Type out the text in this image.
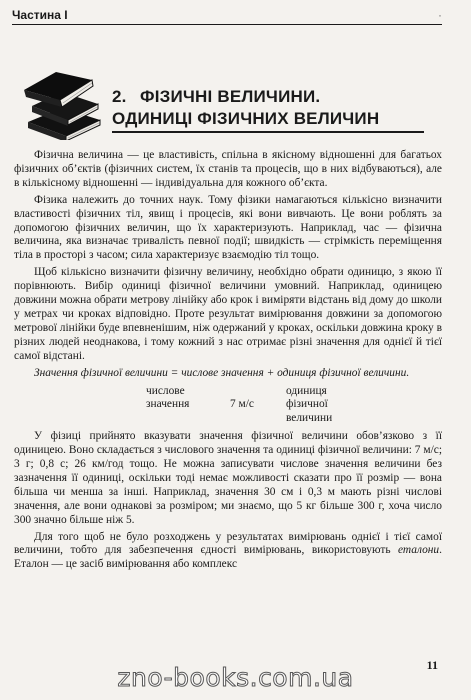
Частина I	·
2. ФІЗИЧНІ ВЕЛИЧИНИ.
ОДИНИЦІ ФІЗИЧНИХ ВЕЛИЧИН

Фізична величина — це властивість, спільна в якісному відношенні для багатьох фізичних об’єктів (фізичних систем, їх станів та процесів, що в них відбуваються), але в кількісному відношенні — індивідуальна для кожного об’єкта.

Фізика належить до точних наук. Тому фізики намагаються кількісно визначити властивості фізичних тіл, явищ і процесів, які вони вивчають. Це вони роблять за допомогою фізичних величин, що їх характеризують. Наприклад, час — фізична величина, яка визначає тривалість певної події; швидкість — стрімкість переміщення тіла в просторі з часом; сила характеризує взаємодію тіл тощо.

Щоб кількісно визначити фізичну величину, необхідно обрати одиницю, з якою її порівнюють. Вибір одиниці фізичної величини умовний. Наприклад, одиницею довжини можна обрати метрову лінійку або крок і виміряти відстань від дому до школи у метрах чи кроках відповідно. Проте результат вимірювання довжини за допомогою метрової лінійки буде впевненішим, ніж одержаний у кроках, оскільки довжина кроку в різних людей неоднакова, і тому кожний з нас отримає різні значення для однієї й тієї самої відстані.

Значення фізичної величини = числове значення + одиниця фізичної величини.

числове	одиниця
значення	7 м/с	фізичної
величини

У фізиці прийнято вказувати значення фізичної величини обов’язково з її одиницею. Воно складається з числового значення та одиниці фізичної величини: 7 м/с; 3 г; 0,8 с; 26 км/год тощо. Не можна записувати числове значення величини без зазначення її одиниці, оскільки тоді немає можливості сказати про її розмір — вона більша чи менша за інші. Наприклад, значення 30 см і 0,3 м мають різні числові значення, але вони однакові за розміром; ми знаємо, що 5 кг більше 300 г, хоча число 300 значно більше ніж 5.

Для того щоб не було розходжень у результатах вимірювань однієї і тієї самої величини, тобто для забезпечення єдності вимірювань, використовують еталони. Еталон — це засіб вимірювання або комплекс

11
zno-books.com.ua
